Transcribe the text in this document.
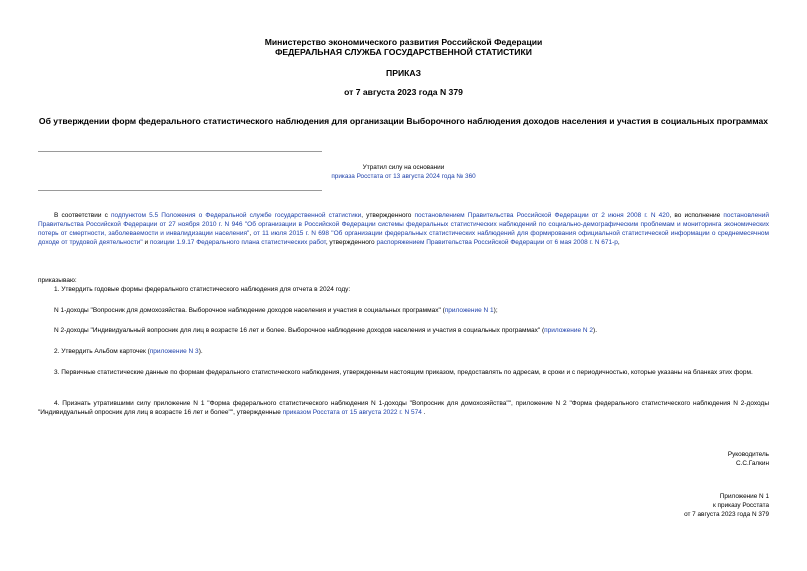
Министерство экономического развития Российской Федерации
ФЕДЕРАЛЬНАЯ СЛУЖБА ГОСУДАРСТВЕННОЙ СТАТИСТИКИ
ПРИКАЗ
от 7 августа 2023 года N 379
Об утверждении форм федерального статистического наблюдения для организации Выборочного наблюдения доходов населения и участия в социальных программах
Утратил силу на основании
приказа Росстата от 13 августа 2024 года № 360
В соответствии с подпунктом 5.5 Положения о Федеральной службе государственной статистики, утвержденного постановлением Правительства Российской Федерации от 2 июня 2008 г. N 420, во исполнение постановлений Правительства Российской Федерации от 27 ноября 2010 г. N 946 "Об организации в Российской Федерации системы федеральных статистических наблюдений по социально-демографическим проблемам и мониторинга экономических потерь от смертности, заболеваемости и инвалидизации населения", от 11 июля 2015 г. N 698 "Об организации федеральных статистических наблюдений для формирования официальной статистической информации о среднемесячном доходе от трудовой деятельности" и позиции 1.9.17 Федерального плана статистических работ, утвержденного распоряжением Правительства Российской Федерации от 6 мая 2008 г. N 671-р,
приказываю:
1. Утвердить годовые формы федерального статистического наблюдения для отчета в 2024 году:
N 1-доходы "Вопросник для домохозяйства. Выборочное наблюдение доходов населения и участия в социальных программах" (приложение N 1);
N 2-доходы "Индивидуальный вопросник для лиц в возрасте 16 лет и более. Выборочное наблюдение доходов населения и участия в социальных программах" (приложение N 2).
2. Утвердить Альбом карточек (приложение N 3).
3. Первичные статистические данные по формам федерального статистического наблюдения, утвержденным настоящим приказом, предоставлять по адресам, в сроки и с периодичностью, которые указаны на бланках этих форм.
4. Признать утратившими силу приложение N 1 "Форма федерального статистического наблюдения N 1-доходы "Вопросник для домохозяйства"", приложение N 2 "Форма федерального статистического наблюдения N 2-доходы "Индивидуальный опросник для лиц в возрасте 16 лет и более"", утвержденные приказом Росстата от 15 августа 2022 г. N 574 .
Руководитель
С.С.Галкин
Приложение N 1
к приказу Росстата
от 7 августа 2023 года N 379
